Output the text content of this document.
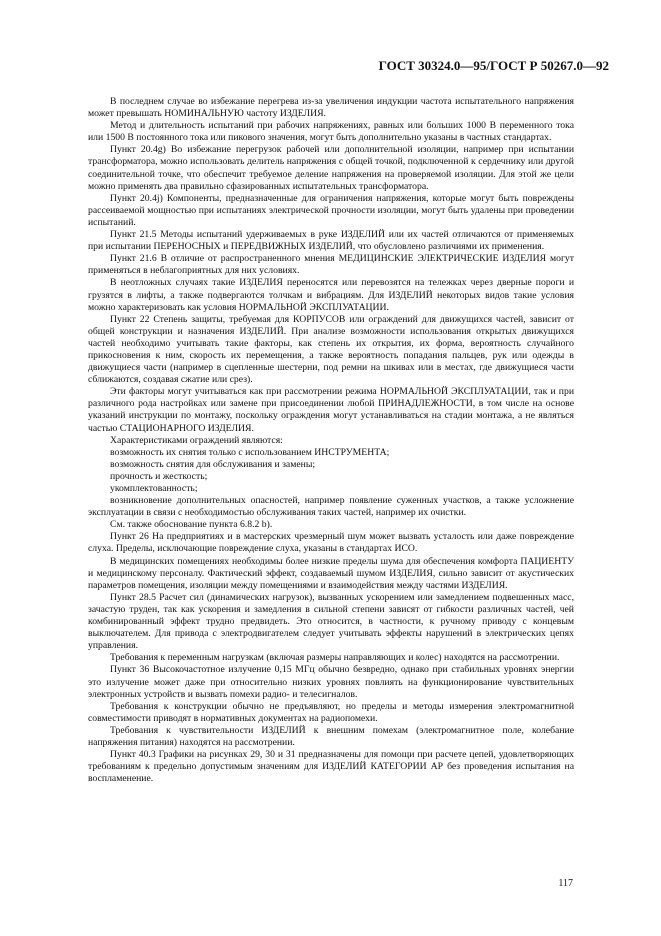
ГОСТ 30324.0—95/ГОСТ Р 50267.0—92

В последнем случае во избежание перегрева из-за увеличения индукции частота испытательного напряжения может превышать НОМИНАЛЬНУЮ частоту ИЗДЕЛИЯ.

Метод и длительность испытаний при рабочих напряжениях, равных или больших 1000 В переменного тока или 1500 В постоянного тока или пикового значения, могут быть дополнительно указаны в частных стандартах.

Пункт 20.4g) Во избежание перегрузок рабочей или дополнительной изоляции, например при испытании трансформатора, можно использовать делитель напряжения с общей точкой, подключенной к сердечнику или другой соединительной точке, что обеспечит требуемое деление напряжения на проверяемой изоляции. Для этой же цели можно применять два правильно сфазированных испытательных трансформатора.

Пункт 20.4j) Компоненты, предназначенные для ограничения напряжения, которые могут быть повреждены рассеиваемой мощностью при испытаниях электрической прочности изоляции, могут быть удалены при проведении испытаний.

Пункт 21.5 Методы испытаний удерживаемых в руке ИЗДЕЛИЙ или их частей отличаются от применяемых при испытании ПЕРЕНОСНЫХ и ПЕРЕДВИЖНЫХ ИЗДЕЛИЙ, что обусловлено различиями их применения.

Пункт 21.6 В отличие от распространенного мнения МЕДИЦИНСКИЕ ЭЛЕКТРИЧЕСКИЕ ИЗДЕЛИЯ могут применяться в неблагоприятных для них условиях.

В неотложных случаях такие ИЗДЕЛИЯ переносятся или перевозятся на тележках через дверные пороги и грузятся в лифты, а также подвергаются толчкам и вибрациям. Для ИЗДЕЛИЙ некоторых видов такие условия можно характеризовать как условия НОРМАЛЬНОЙ ЭКСПЛУАТАЦИИ.

Пункт 22 Степень защиты, требуемая для КОРПУСОВ или ограждений для движущихся частей, зависит от общей конструкции и назначения ИЗДЕЛИЙ. При анализе возможности использования открытых движущихся частей необходимо учитывать такие факторы, как степень их открытия, их форма, вероятность случайного прикосновения к ним, скорость их перемещения, а также вероятность попадания пальцев, рук или одежды в движущиеся части (например в сцепленные шестерни, под ремни на шкивах или в местах, где движущиеся части сближаются, создавая сжатие или срез).

Эти факторы могут учитываться как при рассмотрении режима НОРМАЛЬНОЙ ЭКСПЛУАТАЦИИ, так и при различного рода настройках или замене при присоединении любой ПРИНАДЛЕЖНОСТИ, в том числе на основе указаний инструкции по монтажу, поскольку ограждения могут устанавливаться на стадии монтажа, а не являться частью СТАЦИОНАРНОГО ИЗДЕЛИЯ.

Характеристиками ограждений являются:

возможность их снятия только с использованием ИНСТРУМЕНТА;

возможность снятия для обслуживания и замены;

прочность и жесткость;

укомплектованность;

возникновение дополнительных опасностей, например появление суженных участков, а также усложнение эксплуатации в связи с необходимостью обслуживания таких частей, например их очистки.

См. также обоснование пункта 6.8.2 b).

Пункт 26 На предприятиях и в мастерских чрезмерный шум может вызвать усталость или даже повреждение слуха. Пределы, исключающие повреждение слуха, указаны в стандартах ИСО.

В медицинских помещениях необходимы более низкие пределы шума для обеспечения комфорта ПАЦИЕНТУ и медицинскому персоналу. Фактический эффект, создаваемый шумом ИЗДЕЛИЯ, сильно зависит от акустических параметров помещения, изоляции между помещениями и взаимодействия между частями ИЗДЕЛИЯ.

Пункт 28.5 Расчет сил (динамических нагрузок), вызванных ускорением или замедлением подвешенных масс, зачастую труден, так как ускорения и замедления в сильной степени зависят от гибкости различных частей, чей комбинированный эффект трудно предвидеть. Это относится, в частности, к ручному приводу с концевым выключателем. Для привода с электродвигателем следует учитывать эффекты нарушений в электрических цепях управления.

Требования к переменным нагрузкам (включая размеры направляющих и колес) находятся на рассмотрении.

Пункт 36 Высокочастотное излучение 0,15 МГц обычно безвредно, однако при стабильных уровнях энергии это излучение может даже при относительно низких уровнях повлиять на функционирование чувствительных электронных устройств и вызвать помехи радио- и телесигналов.

Требования к конструкции обычно не предъявляют, но пределы и методы измерения электромагнитной совместимости приводят в нормативных документах на радиопомехи.

Требования к чувствительности ИЗДЕЛИЙ к внешним помехам (электромагнитное поле, колебание напряжения питания) находятся на рассмотрении.

Пункт 40.3 Графики на рисунках 29, 30 и 31 предназначены для помощи при расчете цепей, удовлетворяющих требованиям к предельно допустимым значениям для ИЗДЕЛИЙ КАТЕГОРИИ АР без проведения испытания на воспламенение.

117
